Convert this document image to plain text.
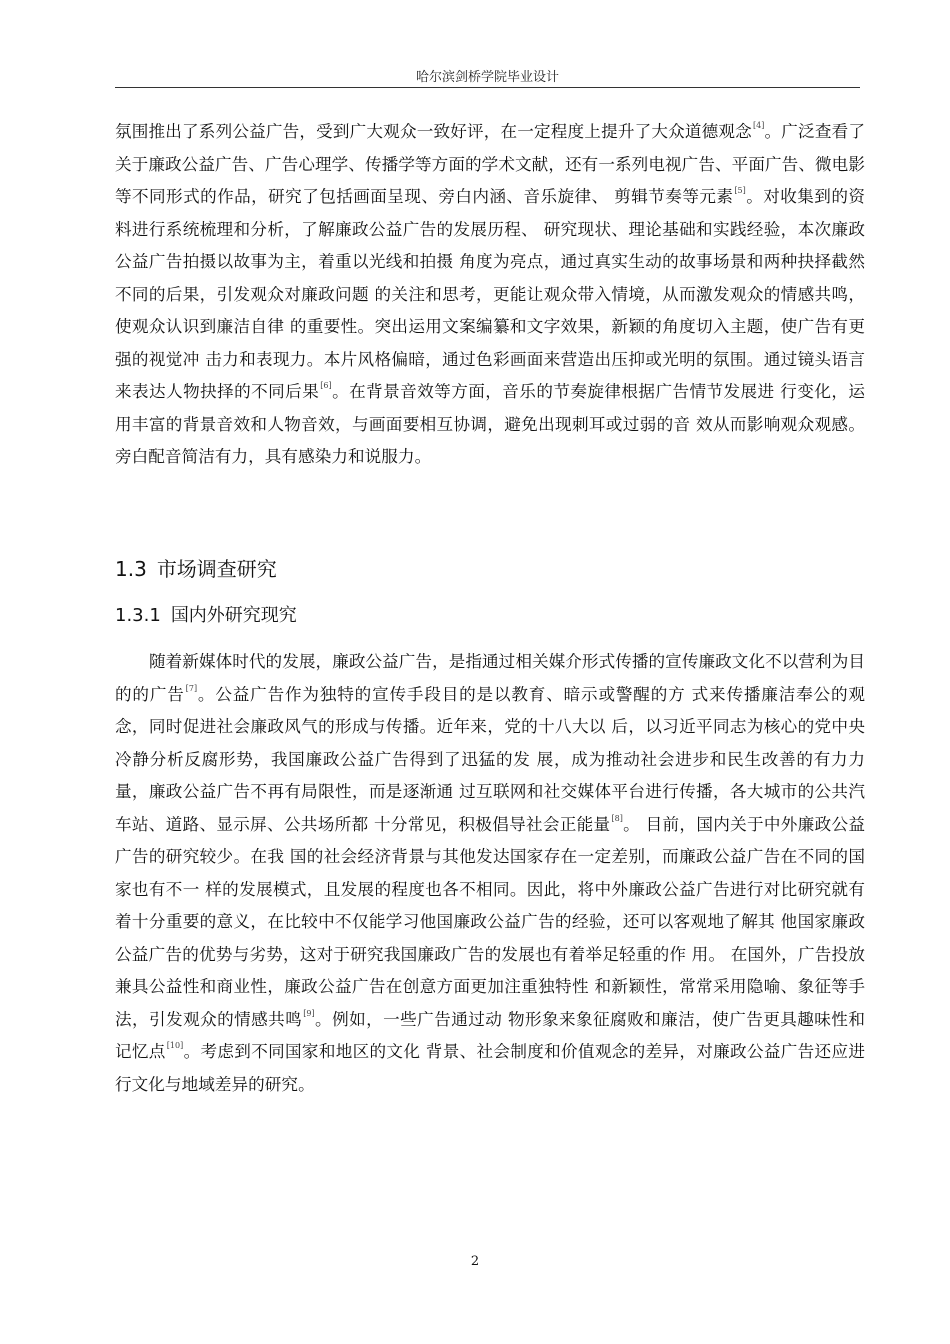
哈尔滨剑桥学院毕业设计

氛围推出了系列公益广告，受到广大观众一致好评，在一定程度上提升了大众道德观念[4]。广泛查看了关于廉政公益广告、广告心理学、传播学等方面的学术文献，还有一系列电视广告、平面广告、微电影等不同形式的作品，研究了包括画面呈现、旁白内涵、音乐旋律、 剪辑节奏等元素[5]。对收集到的资料进行系统梳理和分析，了解廉政公益广告的发展历程、 研究现状、理论基础和实践经验，本次廉政公益广告拍摄以故事为主，着重以光线和拍摄 角度为亮点，通过真实生动的故事场景和两种抉择截然不同的后果，引发观众对廉政问题 的关注和思考，更能让观众带入情境，从而激发观众的情感共鸣，使观众认识到廉洁自律 的重要性。突出运用文案编纂和文字效果，新颖的角度切入主题，使广告有更强的视觉冲 击力和表现力。本片风格偏暗，通过色彩画面来营造出压抑或光明的氛围。通过镜头语言 来表达人物抉择的不同后果[6]。在背景音效等方面，音乐的节奏旋律根据广告情节发展进 行变化，运用丰富的背景音效和人物音效，与画面要相互协调，避免出现刺耳或过弱的音 效从而影响观众观感。旁白配音简洁有力，具有感染力和说服力。

1.3 市场调查研究
1.3.1 国内外研究现究

随着新媒体时代的发展，廉政公益广告，是指通过相关媒介形式传播的宣传廉政文化不以营利为目的的广告[7]。公益广告作为独特的宣传手段目的是以教育、暗示或警醒的方 式来传播廉洁奉公的观念，同时促进社会廉政风气的形成与传播。近年来，党的十八大以 后，以习近平同志为核心的党中央冷静分析反腐形势，我国廉政公益广告得到了迅猛的发 展，成为推动社会进步和民生改善的有力力量，廉政公益广告不再有局限性，而是逐渐通 过互联网和社交媒体平台进行传播，各大城市的公共汽车站、道路、显示屏、公共场所都 十分常见，积极倡导社会正能量[8]。 目前，国内关于中外廉政公益广告的研究较少。在我 国的社会经济背景与其他发达国家存在一定差别，而廉政公益广告在不同的国家也有不一 样的发展模式，且发展的程度也各不相同。因此，将中外廉政公益广告进行对比研究就有 着十分重要的意义，在比较中不仅能学习他国廉政公益广告的经验，还可以客观地了解其 他国家廉政公益广告的优势与劣势，这对于研究我国廉政广告的发展也有着举足轻重的作 用。 在国外，广告投放兼具公益性和商业性，廉政公益广告在创意方面更加注重独特性 和新颖性，常常采用隐喻、象征等手法，引发观众的情感共鸣[9]。例如，一些广告通过动 物形象来象征腐败和廉洁，使广告更具趣味性和记忆点[10]。考虑到不同国家和地区的文化 背景、社会制度和价值观念的差异，对廉政公益广告还应进行文化与地域差异的研究。

2
